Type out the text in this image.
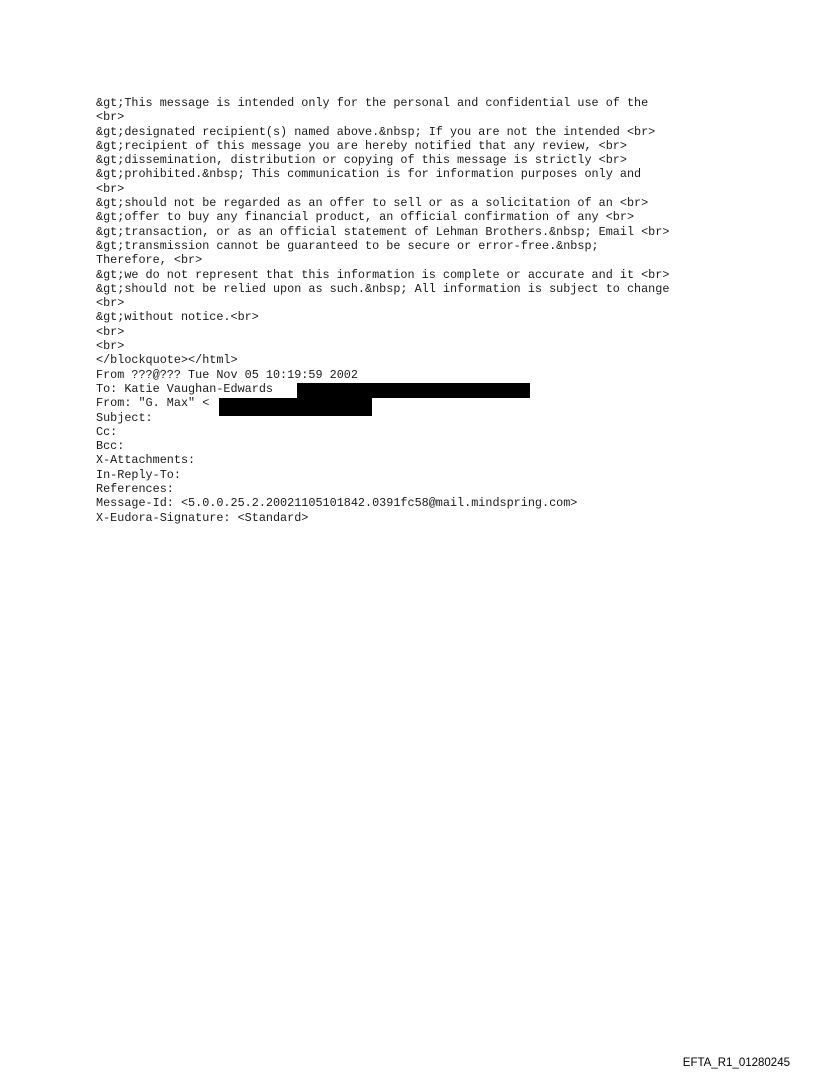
&gt;This message is intended only for the personal and confidential use of the
<br>
&gt;designated recipient(s) named above.&nbsp; If you are not the intended <br>
&gt;recipient of this message you are hereby notified that any review, <br>
&gt;dissemination, distribution or copying of this message is strictly <br>
&gt;prohibited.&nbsp; This communication is for information purposes only and
<br>
&gt;should not be regarded as an offer to sell or as a solicitation of an <br>
&gt;offer to buy any financial product, an official confirmation of any <br>
&gt;transaction, or as an official statement of Lehman Brothers.&nbsp; Email <br>
&gt;transmission cannot be guaranteed to be secure or error-free.&nbsp;
Therefore, <br>
&gt;we do not represent that this information is complete or accurate and it <br>
&gt;should not be relied upon as such.&nbsp; All information is subject to change
<br>
&gt;without notice.<br>
<br>
<br>
</blockquote></html>
From ???@??? Tue Nov 05 10:19:59 2002
To: Katie Vaughan-Edwards
From: "G. Max" <
Subject:
Cc:
Bcc:
X-Attachments:
In-Reply-To:
References:
Message-Id: <5.0.0.25.2.20021105101842.0391fc58@mail.mindspring.com>
X-Eudora-Signature: <Standard>
EFTA_R1_01280245
